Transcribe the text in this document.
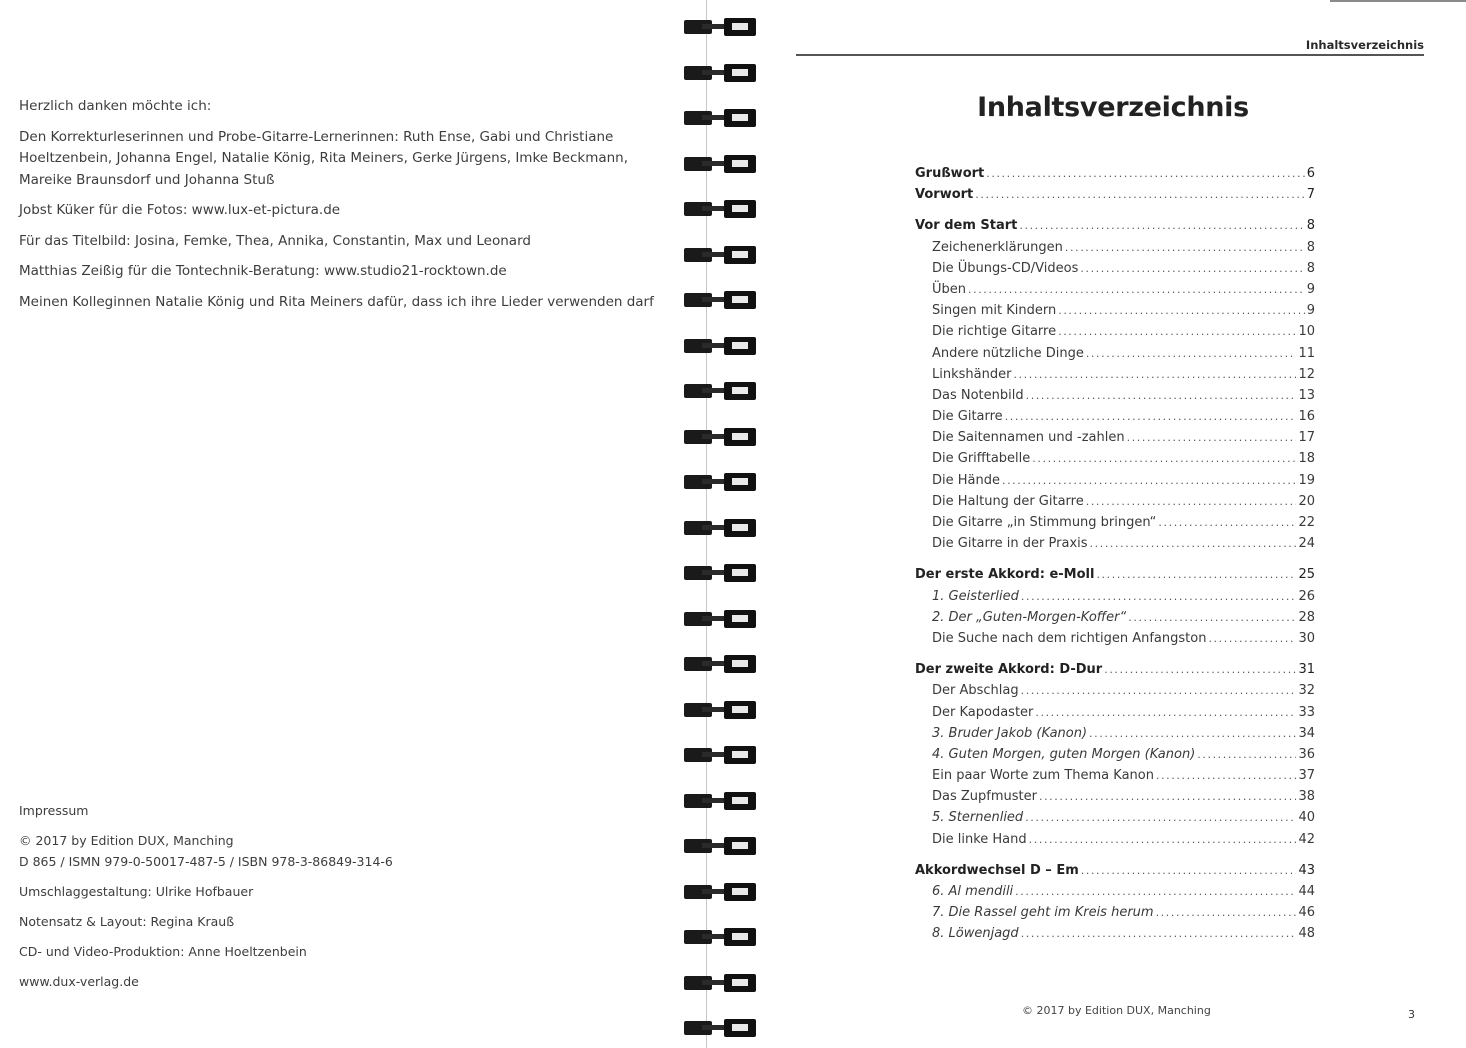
Herzlich danken möchte ich:

Den Korrekturleserinnen und Probe-Gitarre-Lernerinnen: Ruth Ense, Gabi und Christiane Hoeltzenbein, Johanna Engel, Natalie König, Rita Meiners, Gerke Jürgens, Imke Beckmann, Mareike Braunsdorf und Johanna Stuß

Jobst Küker für die Fotos: www.lux-et-pictura.de

Für das Titelbild: Josina, Femke, Thea, Annika, Constantin, Max und Leonard

Matthias Zeißig für die Tontechnik-Beratung: www.studio21-rocktown.de

Meinen Kolleginnen Natalie König und Rita Meiners dafür, dass ich ihre Lieder verwenden darf

Impressum

© 2017 by Edition DUX, Manching

D 865 / ISMN 979-0-50017-487-5 / ISBN 978-3-86849-314-6

Umschlaggestaltung: Ulrike Hofbauer

Notensatz & Layout: Regina Krauß

CD- und Video-Produktion: Anne Hoeltzenbein

www.dux-verlag.de

Inhaltsverzeichnis
Inhaltsverzeichnis
Grußwort .....	6
Vorwort .....	7
Vor dem Start .....	8
Zeichenerklärungen .....	8
Die Übungs-CD/Videos .....	8
Üben .....	9
Singen mit Kindern .....	9
Die richtige Gitarre .....	10
Andere nützliche Dinge .....	11
Linkshänder .....	12
Das Notenbild .....	13
Die Gitarre .....	16
Die Saitennamen und -zahlen .....	17
Die Grifftabelle .....	18
Die Hände .....	19
Die Haltung der Gitarre .....	20
Die Gitarre „in Stimmung bringen“ .....	22
Die Gitarre in der Praxis .....	24
Der erste Akkord: e-Moll .....	25
1. Geisterlied .....	26
2. Der „Guten-Morgen-Koffer“ .....	28
Die Suche nach dem richtigen Anfangston .....	30
Der zweite Akkord: D-Dur .....	31
Der Abschlag .....	32
Der Kapodaster .....	33
3. Bruder Jakob (Kanon) .....	34
4. Guten Morgen, guten Morgen (Kanon) .....	36
Ein paar Worte zum Thema Kanon .....	37
Das Zupfmuster .....	38
5. Sternenlied .....	40
Die linke Hand .....	42
Akkordwechsel D – Em .....	43
6. Al mendili .....	44
7. Die Rassel geht im Kreis herum .....	46
8. Löwenjagd .....	48
© 2017 by Edition DUX, Manching	3
